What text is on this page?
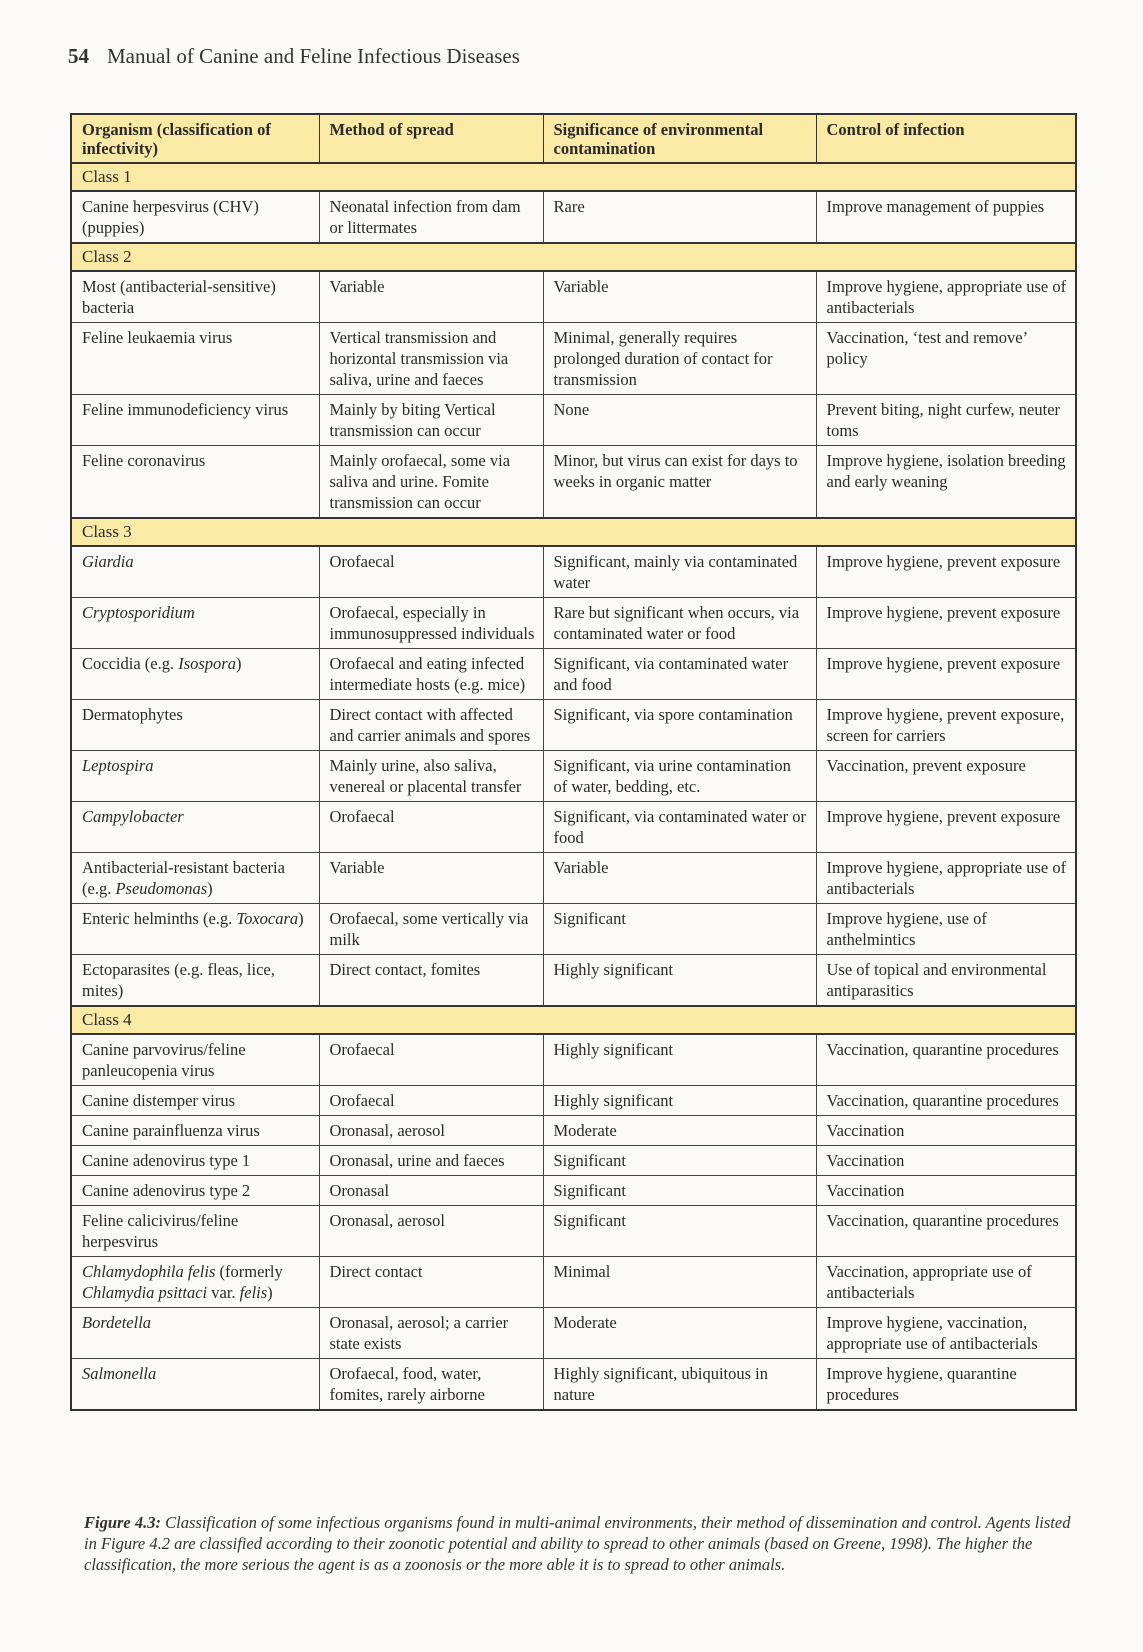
54 Manual of Canine and Feline Infectious Diseases
Organism (classification of infectivity)	Method of spread	Significance of environmental contamination	Control of infection
Class 1			
Canine herpesvirus (CHV) (puppies)	Neonatal infection from dam or littermates	Rare	Improve management of puppies
Class 2			
Most (antibacterial-sensitive) bacteria	Variable	Variable	Improve hygiene, appropriate use of antibacterials
Feline leukaemia virus	Vertical transmission and horizontal transmission via saliva, urine and faeces	Minimal, generally requires prolonged duration of contact for transmission	Vaccination, ‘test and remove’ policy
Feline immunodeficiency virus	Mainly by biting Vertical transmission can occur	None	Prevent biting, night curfew, neuter toms
Feline coronavirus	Mainly orofaecal, some via saliva and urine. Fomite transmission can occur	Minor, but virus can exist for days to weeks in organic matter	Improve hygiene, isolation breeding and early weaning
Class 3			
Giardia	Orofaecal	Significant, mainly via contaminated water	Improve hygiene, prevent exposure
Cryptosporidium	Orofaecal, especially in immunosuppressed individuals	Rare but significant when occurs, via contaminated water or food	Improve hygiene, prevent exposure
Coccidia (e.g. Isospora)	Orofaecal and eating infected intermediate hosts (e.g. mice)	Significant, via contaminated water and food	Improve hygiene, prevent exposure
Dermatophytes	Direct contact with affected and carrier animals and spores	Significant, via spore contamination	Improve hygiene, prevent exposure, screen for carriers
Leptospira	Mainly urine, also saliva, venereal or placental transfer	Significant, via urine contamination of water, bedding, etc.	Vaccination, prevent exposure
Campylobacter	Orofaecal	Significant, via contaminated water or food	Improve hygiene, prevent exposure
Antibacterial-resistant bacteria (e.g. Pseudomonas)	Variable	Variable	Improve hygiene, appropriate use of antibacterials
Enteric helminths (e.g. Toxocara)	Orofaecal, some vertically via milk	Significant	Improve hygiene, use of anthelmintics
Ectoparasites (e.g. fleas, lice, mites)	Direct contact, fomites	Highly significant	Use of topical and environmental antiparasitics
Class 4			
Canine parvovirus/feline panleucopenia virus	Orofaecal	Highly significant	Vaccination, quarantine procedures
Canine distemper virus	Orofaecal	Highly significant	Vaccination, quarantine procedures
Canine parainfluenza virus	Oronasal, aerosol	Moderate	Vaccination
Canine adenovirus type 1	Oronasal, urine and faeces	Significant	Vaccination
Canine adenovirus type 2	Oronasal	Significant	Vaccination
Feline calicivirus/feline herpesvirus	Oronasal, aerosol	Significant	Vaccination, quarantine procedures
Chlamydophila felis (formerly Chlamydia psittaci var. felis)	Direct contact	Minimal	Vaccination, appropriate use of antibacterials
Bordetella	Oronasal, aerosol; a carrier state exists	Moderate	Improve hygiene, vaccination, appropriate use of antibacterials
Salmonella	Orofaecal, food, water, fomites, rarely airborne	Highly significant, ubiquitous in nature	Improve hygiene, quarantine procedures
Figure 4.3: Classification of some infectious organisms found in multi-animal environments, their method of dissemination and control. Agents listed in Figure 4.2 are classified according to their zoonotic potential and ability to spread to other animals (based on Greene, 1998). The higher the classification, the more serious the agent is as a zoonosis or the more able it is to spread to other animals.
